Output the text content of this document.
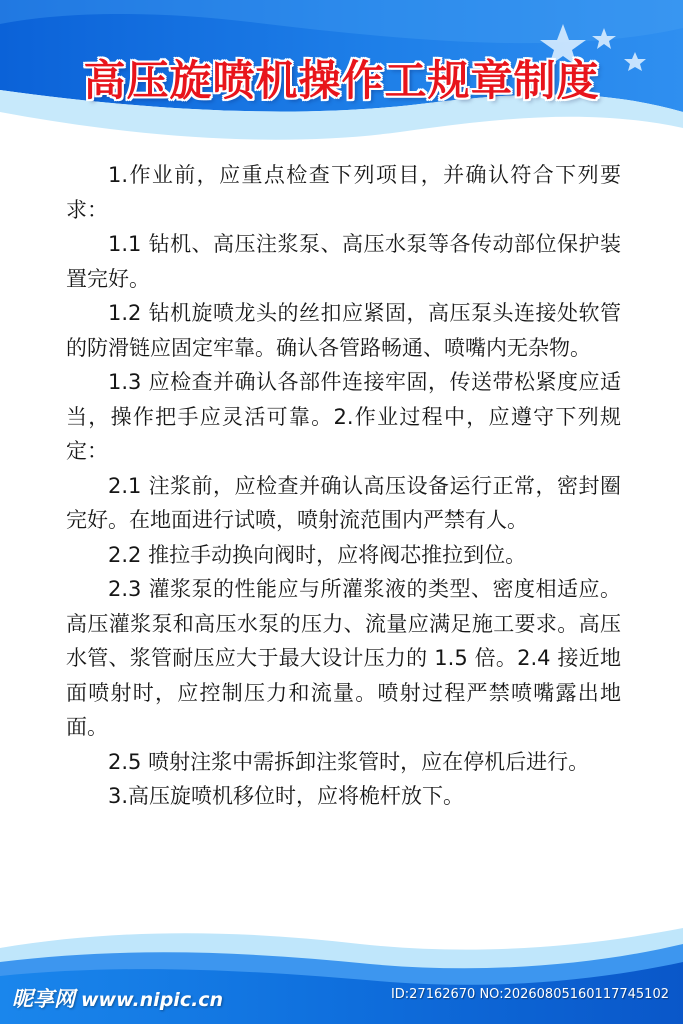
高压旋喷机操作工规章制度

1.作业前，应重点检查下列项目，并确认符合下列要求：

1.1 钻机、高压注浆泵、高压水泵等各传动部位保护装置完好。

1.2 钻机旋喷龙头的丝扣应紧固，高压泵头连接处软管的防滑链应固定牢靠。确认各管路畅通、喷嘴内无杂物。

1.3 应检查并确认各部件连接牢固，传送带松紧度应适当，操作把手应灵活可靠。2.作业过程中，应遵守下列规定：

2.1 注浆前，应检查并确认高压设备运行正常，密封圈完好。在地面进行试喷，喷射流范围内严禁有人。

2.2 推拉手动换向阀时，应将阀芯推拉到位。

2.3 灌浆泵的性能应与所灌浆液的类型、密度相适应。高压灌浆泵和高压水泵的压力、流量应满足施工要求。高压水管、浆管耐压应大于最大设计压力的 1.5 倍。2.4 接近地面喷射时，应控制压力和流量。喷射过程严禁喷嘴露出地面。

2.5 喷射注浆中需拆卸注浆管时，应在停机后进行。

3.高压旋喷机移位时，应将桅杆放下。

昵享网 www.nipic.cn	ID:27162670 NO:20260805160117745102
